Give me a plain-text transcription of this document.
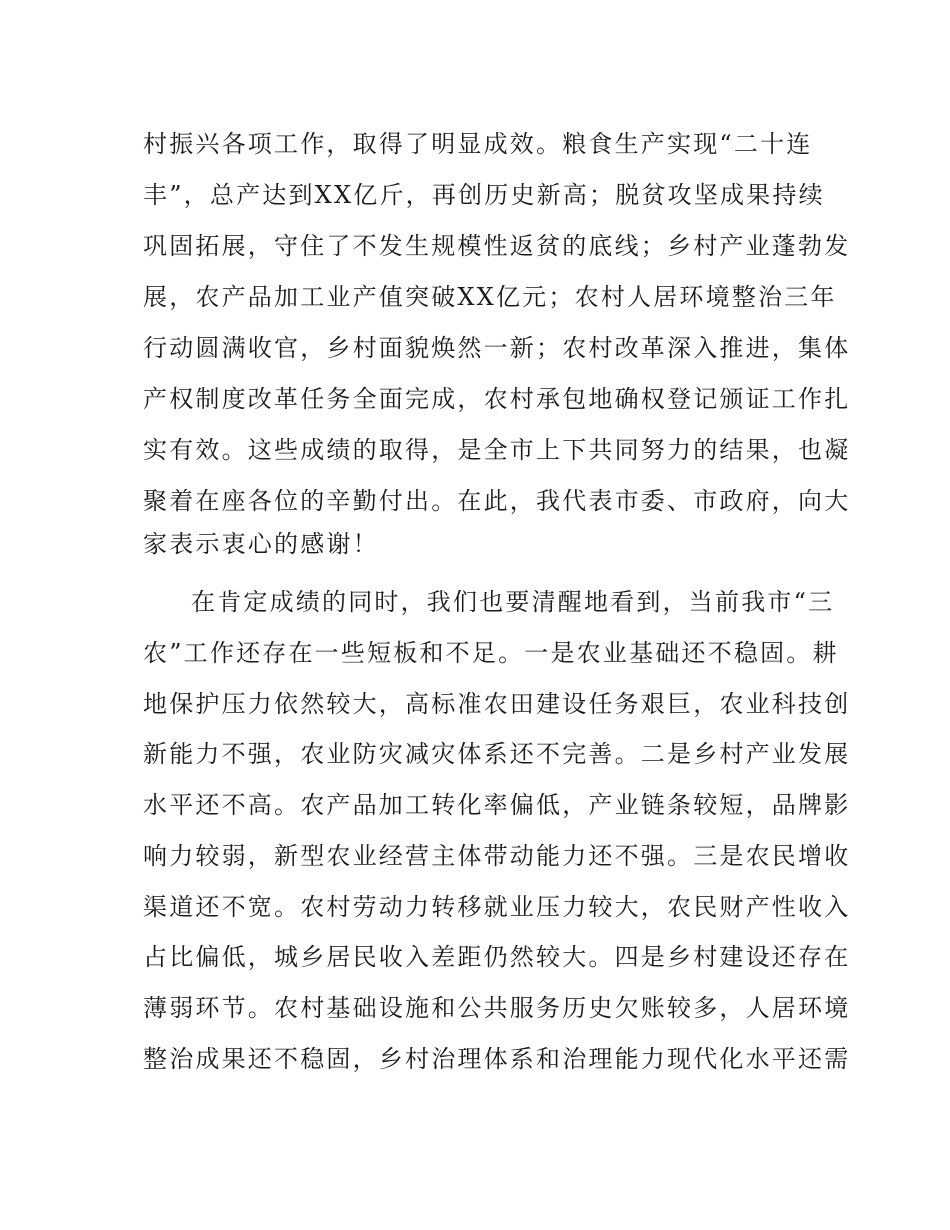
村振兴各项工作，取得了明显成效。粮食生产实现“二十连
丰”，总产达到XX亿斤，再创历史新高；脱贫攻坚成果持续
巩固拓展，守住了不发生规模性返贫的底线；乡村产业蓬勃发
展，农产品加工业产值突破XX亿元；农村人居环境整治三年
行动圆满收官，乡村面貌焕然一新；农村改革深入推进，集体
产权制度改革任务全面完成，农村承包地确权登记颁证工作扎
实有效。这些成绩的取得，是全市上下共同努力的结果，也凝
聚着在座各位的辛勤付出。在此，我代表市委、市政府，向大
家表示衷心的感谢！
在肯定成绩的同时，我们也要清醒地看到，当前我市“三
农”工作还存在一些短板和不足。一是农业基础还不稳固。耕
地保护压力依然较大，高标准农田建设任务艰巨，农业科技创
新能力不强，农业防灾减灾体系还不完善。二是乡村产业发展
水平还不高。农产品加工转化率偏低，产业链条较短，品牌影
响力较弱，新型农业经营主体带动能力还不强。三是农民增收
渠道还不宽。农村劳动力转移就业压力较大，农民财产性收入
占比偏低，城乡居民收入差距仍然较大。四是乡村建设还存在
薄弱环节。农村基础设施和公共服务历史欠账较多，人居环境
整治成果还不稳固，乡村治理体系和治理能力现代化水平还需
